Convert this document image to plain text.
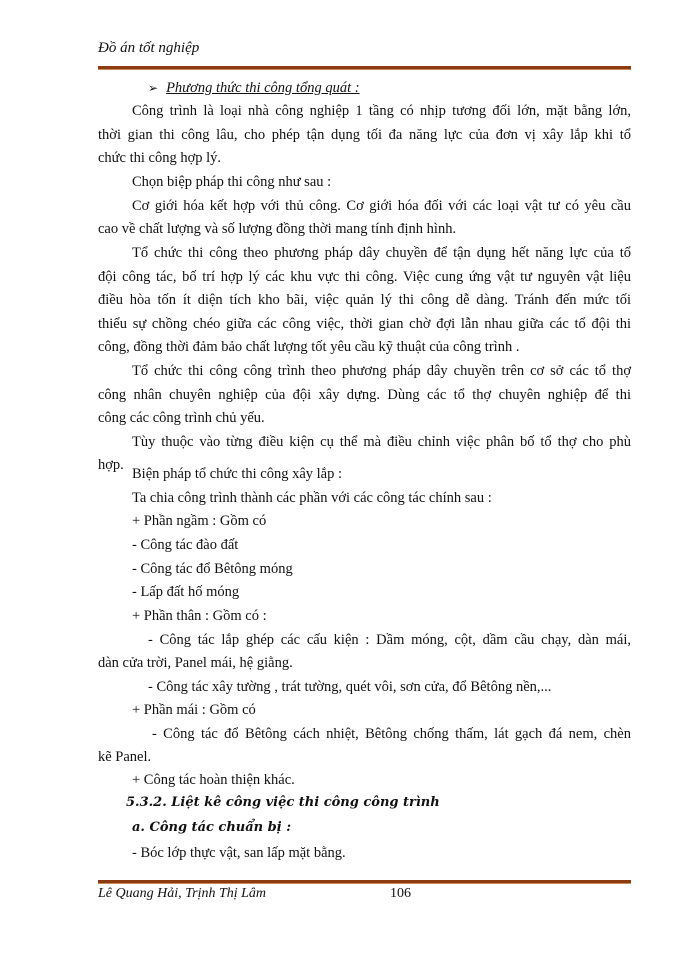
Đồ án tốt nghiệp
➢ Phương thức thi công tổng quát :
Công trình là loại nhà công nghiệp 1 tầng có nhịp tương đối lớn, mặt bằng lớn,
thời gian thi công lâu, cho phép tận dụng tối đa năng lực của đơn vị xây lắp khi tổ
chức thi công hợp lý.
Chọn biệp pháp thi công như sau :
Cơ giới hóa kết hợp với thủ công. Cơ giới hóa đối với các loại vật tư có yêu cầu
cao về chất lượng và số lượng đồng thời mang tính định hình.
Tổ chức thi công theo phương pháp dây chuyền để tận dụng hết năng lực của tổ
đội công tác, bố trí hợp lý các khu vực thi công. Việc cung ứng vật tư nguyên vật liệu
điều hòa tốn ít diện tích kho bãi, việc quản lý thi công dễ dàng. Tránh đến mức tối
thiểu sự chồng chéo giữa các công việc, thời gian chờ đợi lẫn nhau giữa các tổ đội thi
công, đồng thời đảm bảo chất lượng tốt yêu cầu kỹ thuật của công trình .
Tổ chức thi công công trình theo phương pháp dây chuyền trên cơ sở các tổ thợ
công nhân chuyên nghiệp của đội xây dựng. Dùng các tổ thợ chuyên nghiệp để thi
công các công trình chủ yếu.
Tùy thuộc vào từng điều kiện cụ thể mà điều chỉnh việc phân bố tổ thợ cho phù
hợp.
Biện pháp tổ chức thi công xây lắp :
Ta chia công trình thành các phần với các công tác chính sau :
+ Phần ngầm : Gồm có
- Công tác đào đất
- Công tác đổ Bêtông móng
- Lấp đất hố móng
+ Phần thân : Gồm có :
- Công tác lắp ghép các cấu kiện : Dầm móng, cột, dầm cầu chạy, dàn mái,
dàn cửa trời, Panel mái, hệ giằng.
- Công tác xây tường , trát tường, quét vôi, sơn cửa, đổ Bêtông nền,...
+ Phần mái : Gồm có
- Công tác đổ Bêtông cách nhiệt, Bêtông chống thấm, lát gạch đá nem, chèn
kẽ Panel.
+ Công tác hoàn thiện khác.
5.3.2. Liệt kê công việc thi công công trình
a. Công tác chuẩn bị :
- Bóc lớp thực vật, san lấp mặt bằng.
Lê Quang Hải, Trịnh Thị Lâm	106
